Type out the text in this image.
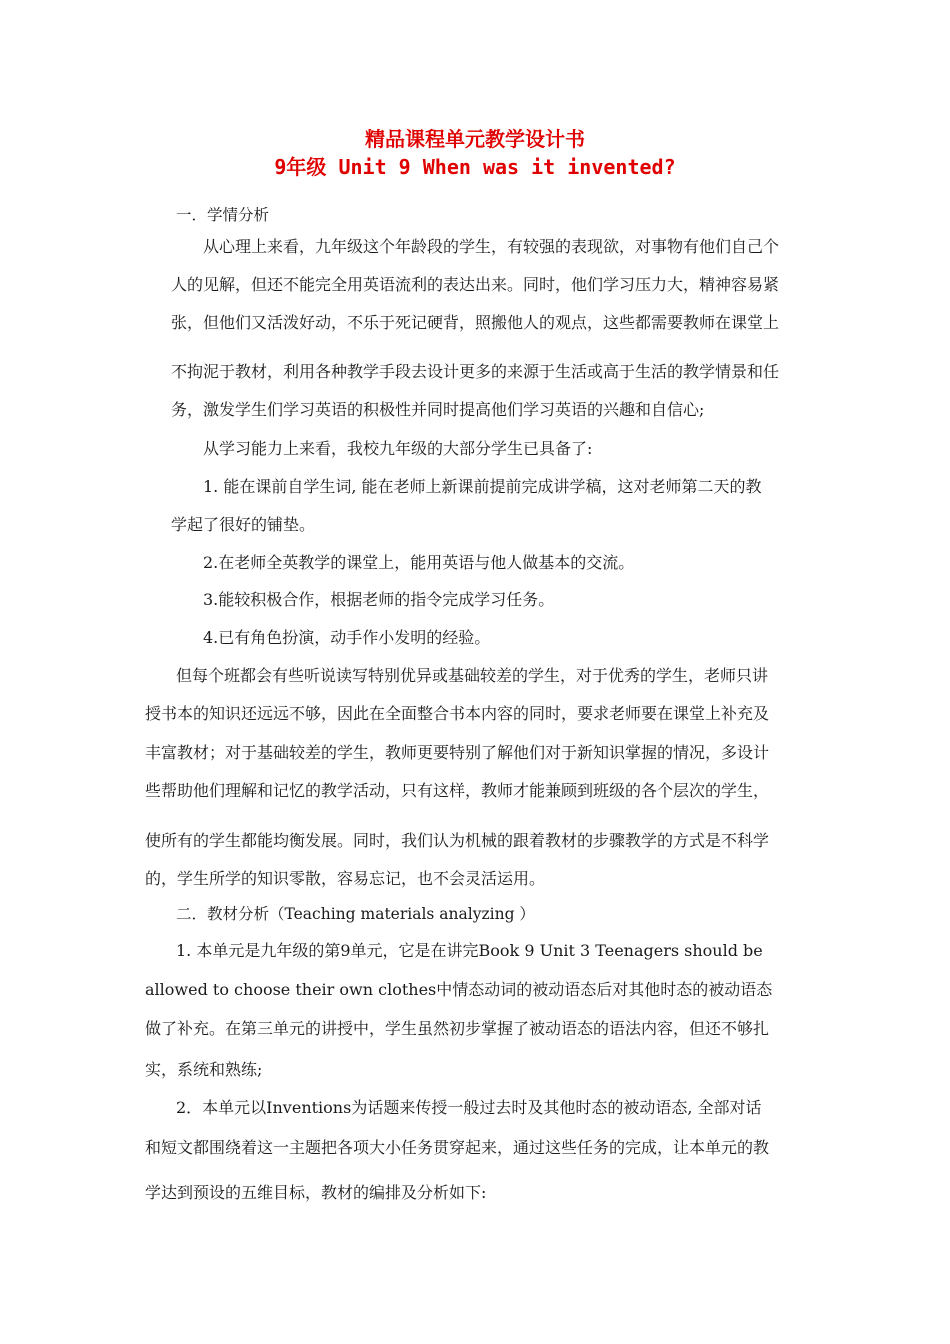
精品课程单元教学设计书
9年级 Unit 9 When was it invented?

一．学情分析

从心理上来看，九年级这个年龄段的学生，有较强的表现欲，对事物有他们自己个

人的见解，但还不能完全用英语流利的表达出来。同时，他们学习压力大，精神容易紧

张，但他们又活泼好动，不乐于死记硬背，照搬他人的观点，这些都需要教师在课堂上

不拘泥于教材，利用各种教学手段去设计更多的来源于生活或高于生活的教学情景和任

务，激发学生们学习英语的积极性并同时提高他们学习英语的兴趣和自信心;

从学习能力上来看，我校九年级的大部分学生已具备了:

1. 能在课前自学生词, 能在老师上新课前提前完成讲学稿，这对老师第二天的教

学起了很好的铺垫。

2.在老师全英教学的课堂上，能用英语与他人做基本的交流。

3.能较积极合作，根据老师的指令完成学习任务。

4.已有角色扮演，动手作小发明的经验。

但每个班都会有些听说读写特别优异或基础较差的学生，对于优秀的学生，老师只讲

授书本的知识还远远不够，因此在全面整合书本内容的同时，要求老师要在课堂上补充及

丰富教材；对于基础较差的学生，教师更要特别了解他们对于新知识掌握的情况，多设计

些帮助他们理解和记忆的教学活动，只有这样，教师才能兼顾到班级的各个层次的学生，

使所有的学生都能均衡发展。同时，我们认为机械的跟着教材的步骤教学的方式是不科学

的，学生所学的知识零散，容易忘记，也不会灵活运用。

二．教材分析（Teaching materials analyzing ）

1. 本单元是九年级的第9单元，它是在讲完Book 9 Unit 3 Teenagers should be

allowed to choose their own clothes中情态动词的被动语态后对其他时态的被动语态

做了补充。在第三单元的讲授中，学生虽然初步掌握了被动语态的语法内容，但还不够扎

实，系统和熟练;

2．本单元以Inventions为话题来传授一般过去时及其他时态的被动语态, 全部对话

和短文都围绕着这一主题把各项大小任务贯穿起来，通过这些任务的完成，让本单元的教

学达到预设的五维目标，教材的编排及分析如下:
